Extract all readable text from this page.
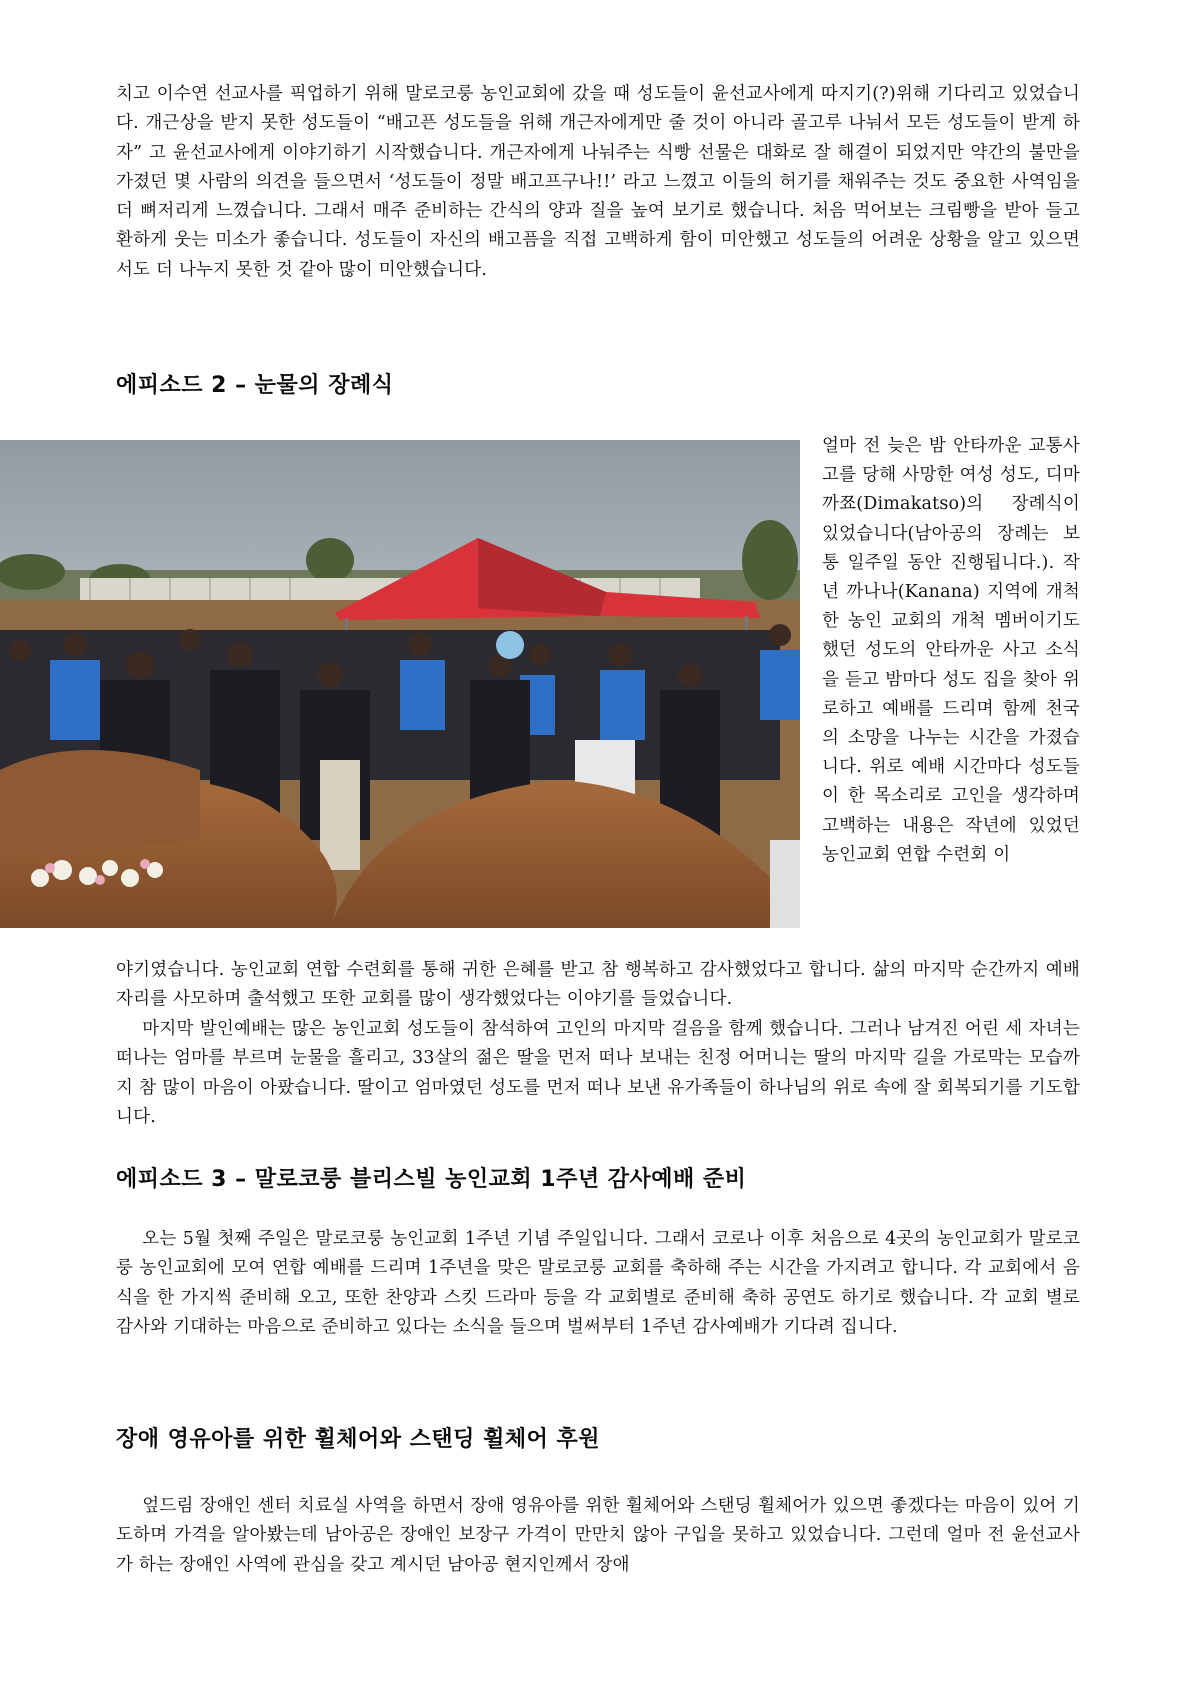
치고 이수연 선교사를 픽업하기 위해 말로코룽 농인교회에 갔을 때 성도들이 윤선교사에게 따지기(?)위해 기다리고 있었습니다. 개근상을 받지 못한 성도들이 “배고픈 성도들을 위해 개근자에게만 줄 것이 아니라 골고루 나눠서 모든 성도들이 받게 하자” 고 윤선교사에게 이야기하기 시작했습니다. 개근자에게 나눠주는 식빵 선물은 대화로 잘 해결이 되었지만 약간의 불만을 가졌던 몇 사람의 의견을 들으면서 ‘성도들이 정말 배고프구나!!’ 라고 느꼈고 이들의 허기를 채워주는 것도 중요한 사역임을 더 뼈저리게 느꼈습니다. 그래서 매주 준비하는 간식의 양과 질을 높여 보기로 했습니다. 처음 먹어보는 크림빵을 받아 들고 환하게 웃는 미소가 좋습니다. 성도들이 자신의 배고픔을 직접 고백하게 함이 미안했고 성도들의 어려운 상황을 알고 있으면서도 더 나누지 못한 것 같아 많이 미안했습니다.

에피소드 2 – 눈물의 장례식

얼마 전 늦은 밤 안타까운 교통사고를 당해 사망한 여성 성도, 디마까쬬(Dimakatso)의 장례식이 있었습니다(남아공의 장례는 보통 일주일 동안 진행됩니다.). 작년 까나나(Kanana) 지역에 개척한 농인 교회의 개척 멤버이기도 했던 성도의 안타까운 사고 소식을 듣고 밤마다 성도 집을 찾아 위로하고 예배를 드리며 함께 천국의 소망을 나누는 시간을 가졌습니다. 위로 예배 시간마다 성도들이 한 목소리로 고인을 생각하며 고백하는 내용은 작년에 있었던 농인교회 연합 수련회 이

야기였습니다. 농인교회 연합 수련회를 통해 귀한 은혜를 받고 참 행복하고 감사했었다고 합니다. 삶의 마지막 순간까지 예배 자리를 사모하며 출석했고 또한 교회를 많이 생각했었다는 이야기를 들었습니다.

마지막 발인예배는 많은 농인교회 성도들이 참석하여 고인의 마지막 걸음을 함께 했습니다. 그러나 남겨진 어린 세 자녀는 떠나는 엄마를 부르며 눈물을 흘리고, 33살의 젊은 딸을 먼저 떠나 보내는 친정 어머니는 딸의 마지막 길을 가로막는 모습까지 참 많이 마음이 아팠습니다. 딸이고 엄마였던 성도를 먼저 떠나 보낸 유가족들이 하나님의 위로 속에 잘 회복되기를 기도합니다.

에피소드 3 – 말로코룽 블리스빌 농인교회 1주년 감사예배 준비

오는 5월 첫째 주일은 말로코룽 농인교회 1주년 기념 주일입니다. 그래서 코로나 이후 처음으로 4곳의 농인교회가 말로코룽 농인교회에 모여 연합 예배를 드리며 1주년을 맞은 말로코룽 교회를 축하해 주는 시간을 가지려고 합니다. 각 교회에서 음식을 한 가지씩 준비해 오고, 또한 찬양과 스킷 드라마 등을 각 교회별로 준비해 축하 공연도 하기로 했습니다. 각 교회 별로 감사와 기대하는 마음으로 준비하고 있다는 소식을 들으며 벌써부터 1주년 감사예배가 기다려 집니다.

장애 영유아를 위한 휠체어와 스탠딩 휠체어 후원

엎드림 장애인 센터 치료실 사역을 하면서 장애 영유아를 위한 휠체어와 스탠딩 휠체어가 있으면 좋겠다는 마음이 있어 기도하며 가격을 알아봤는데 남아공은 장애인 보장구 가격이 만만치 않아 구입을 못하고 있었습니다. 그런데 얼마 전 윤선교사가 하는 장애인 사역에 관심을 갖고 계시던 남아공 현지인께서 장애
